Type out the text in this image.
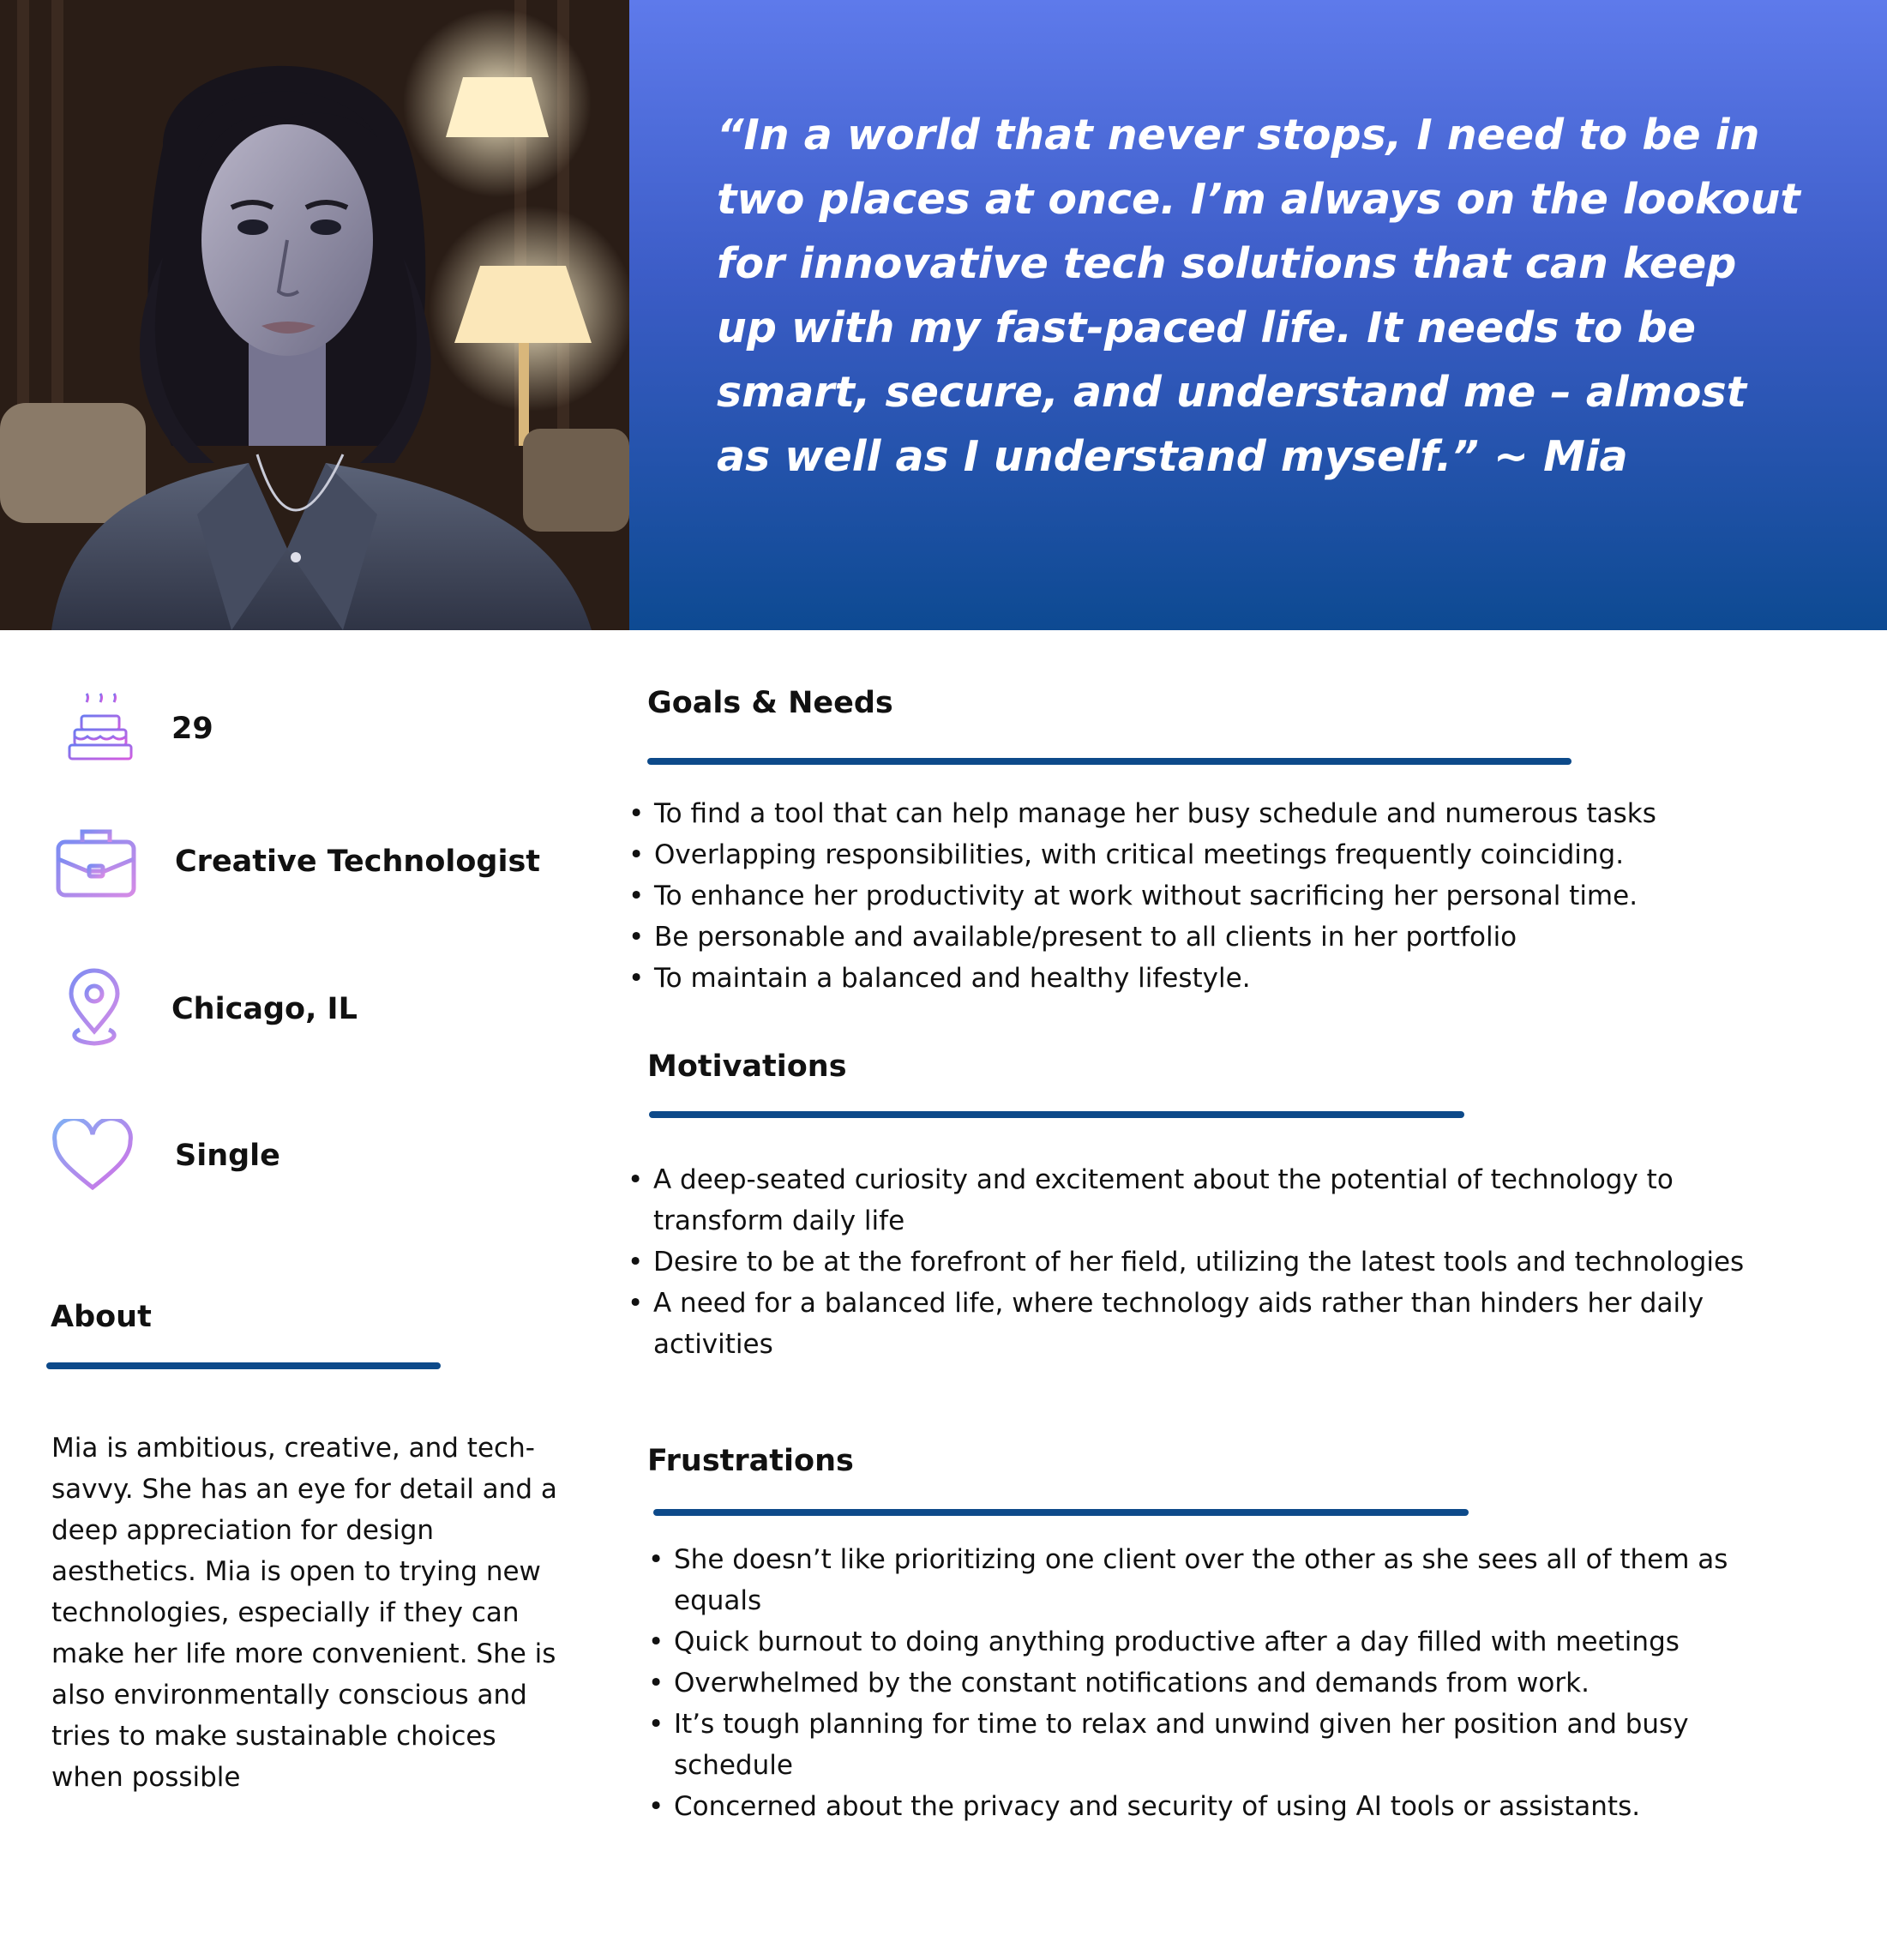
“In a world that never stops, I need to be in two places at once. I’m always on the lookout for innovative tech solutions that can keep up with my fast-paced life. It needs to be smart, secure, and understand me – almost as well as I understand myself.” ~ Mia

29
Creative Technologist
Chicago, IL
Single
About

Mia is ambitious, creative, and tech-savvy. She has an eye for detail and a deep appreciation for design aesthetics. Mia is open to trying new technologies, especially if they can make her life more convenient. She is also environmentally conscious and tries to make sustainable choices when possible

Goals & Needs
• To find a tool that can help manage her busy schedule and numerous tasks
• Overlapping responsibilities, with critical meetings frequently coinciding.
• To enhance her productivity at work without sacrificing her personal time.
• Be personable and available/present to all clients in her portfolio
• To maintain a balanced and healthy lifestyle.
Motivations
• A deep-seated curiosity and excitement about the potential of technology to transform daily life
• Desire to be at the forefront of her field, utilizing the latest tools and technologies
• A need for a balanced life, where technology aids rather than hinders her daily activities
Frustrations
• She doesn’t like prioritizing one client over the other as she sees all of them as equals
• Quick burnout to doing anything productive after a day filled with meetings
• Overwhelmed by the constant notifications and demands from work.
• It’s tough planning for time to relax and unwind given her position and busy schedule
• Concerned about the privacy and security of using AI tools or assistants.
